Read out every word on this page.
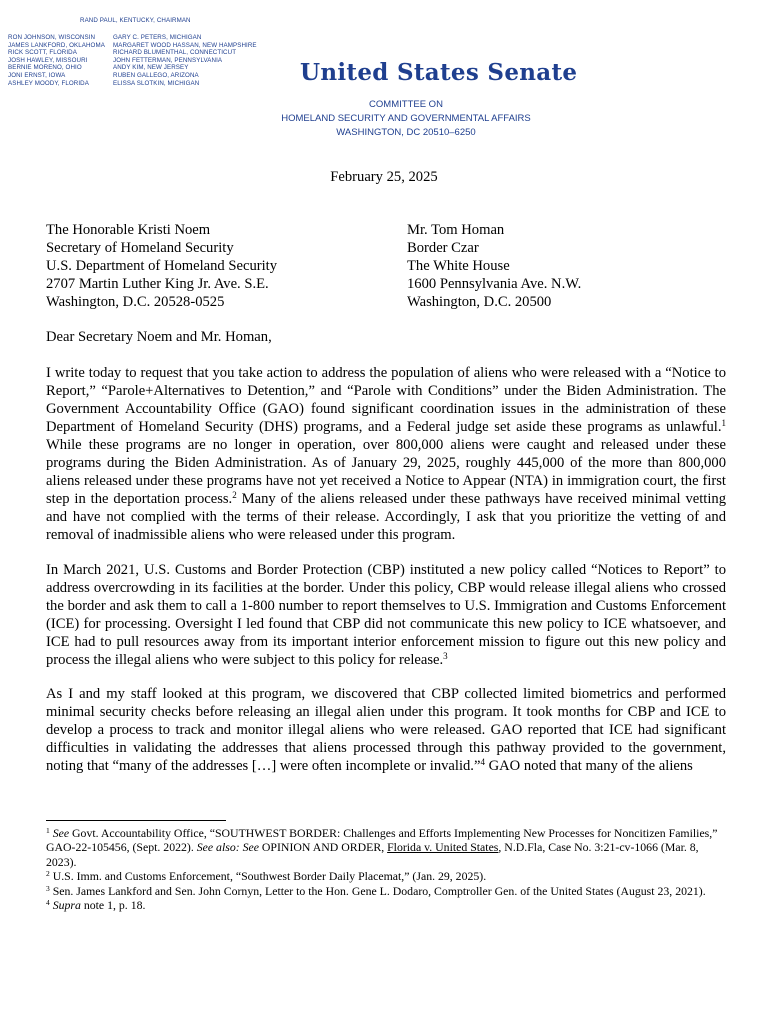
RAND PAUL, KENTUCKY, CHAIRMAN
RON JOHNSON, WISCONSIN
JAMES LANKFORD, OKLAHOMA
RICK SCOTT, FLORIDA
JOSH HAWLEY, MISSOURI
BERNIE MORENO, OHIO
JONI ERNST, IOWA
ASHLEY MOODY, FLORIDA
GARY C. PETERS, MICHIGAN
MARGARET WOOD HASSAN, NEW HAMPSHIRE
RICHARD BLUMENTHAL, CONNECTICUT
JOHN FETTERMAN, PENNSYLVANIA
ANDY KIM, NEW JERSEY
RUBEN GALLEGO, ARIZONA
ELISSA SLOTKIN, MICHIGAN	United States Senate
COMMITTEE ON
HOMELAND SECURITY AND GOVERNMENTAL AFFAIRS
WASHINGTON, DC 20510–6250
February 25, 2025
The Honorable Kristi Noem
Secretary of Homeland Security
U.S. Department of Homeland Security
2707 Martin Luther King Jr. Ave. S.E.
Washington, D.C. 20528-0525
Mr. Tom Homan
Border Czar
The White House
1600 Pennsylvania Ave. N.W.
Washington, D.C. 20500
Dear Secretary Noem and Mr. Homan,
I write today to request that you take action to address the population of aliens who were released with a “Notice to Report,” “Parole+Alternatives to Detention,” and “Parole with Conditions” under the Biden Administration. The Government Accountability Office (GAO) found significant coordination issues in the administration of these Department of Homeland Security (DHS) programs, and a Federal judge set aside these programs as unlawful.$^1$ While these programs are no longer in operation, over 800,000 aliens were caught and released under these programs during the Biden Administration. As of January 29, 2025, roughly 445,000 of the more than 800,000 aliens released under these programs have not yet received a Notice to Appear (NTA) in immigration court, the first step in the deportation process.$^2$ Many of the aliens released under these pathways have received minimal vetting and have not complied with the terms of their release. Accordingly, I ask that you prioritize the vetting of and removal of inadmissible aliens who were released under this program.
In March 2021, U.S. Customs and Border Protection (CBP) instituted a new policy called “Notices to Report” to address overcrowding in its facilities at the border. Under this policy, CBP would release illegal aliens who crossed the border and ask them to call a 1-800 number to report themselves to U.S. Immigration and Customs Enforcement (ICE) for processing. Oversight I led found that CBP did not communicate this new policy to ICE whatsoever, and ICE had to pull resources away from its important interior enforcement mission to figure out this new policy and process the illegal aliens who were subject to this policy for release.$^3$
As I and my staff looked at this program, we discovered that CBP collected limited biometrics and performed minimal security checks before releasing an illegal alien under this program. It took months for CBP and ICE to develop a process to track and monitor illegal aliens who were released. GAO reported that ICE had significant difficulties in validating the addresses that aliens processed through this pathway provided to the government, noting that “many of the addresses […] were often incomplete or invalid.”$^4$ GAO noted that many of the aliens

$^1$ See Govt. Accountability Office, “SOUTHWEST BORDER: Challenges and Efforts Implementing New Processes for Noncitizen Families,” GAO-22-105456, (Sept. 2022). See also: See OPINION AND ORDER, Florida v. United States, N.D.Fla, Case No. 3:21-cv-1066 (Mar. 8, 2023).

$^2$ U.S. Imm. and Customs Enforcement, “Southwest Border Daily Placemat,” (Jan. 29, 2025).

$^3$ Sen. James Lankford and Sen. John Cornyn, Letter to the Hon. Gene L. Dodaro, Comptroller Gen. of the United States (August 23, 2021).

$^4$ Supra note 1, p. 18.
